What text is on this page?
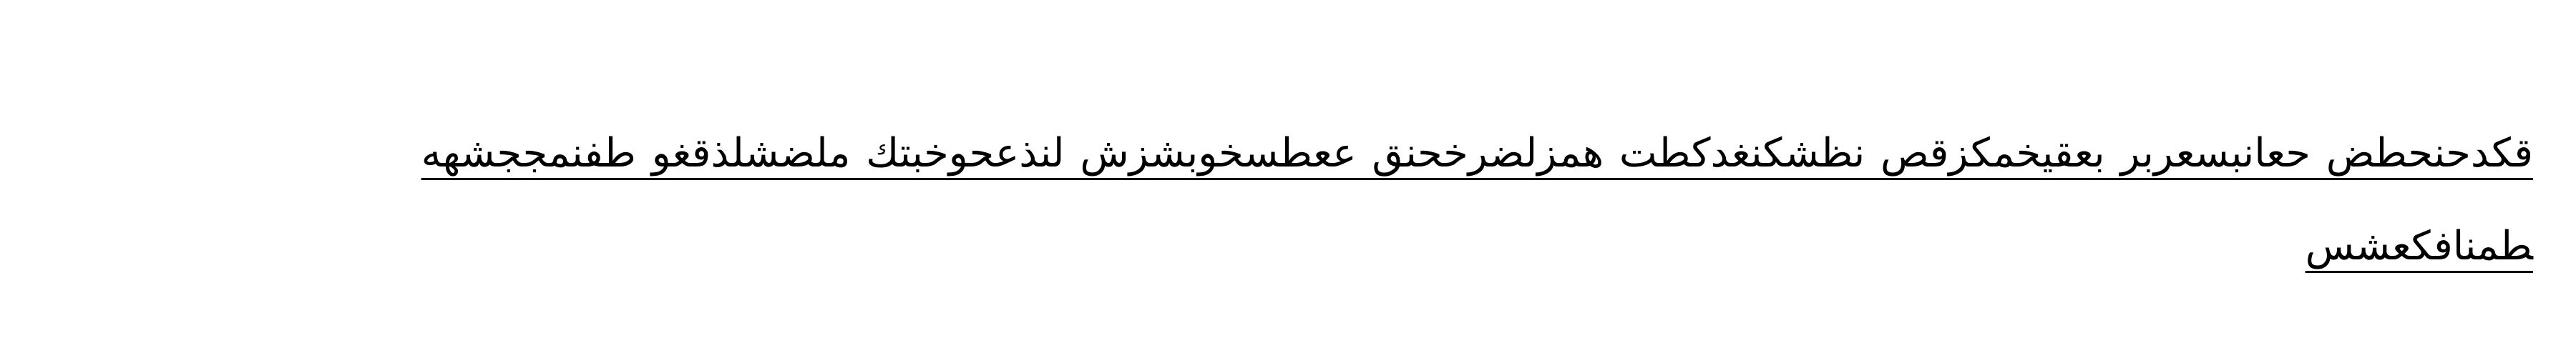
ﻗﻜﺪﺣﻨﺤﻄﺾ ﺣﻌﺎﻧﺒﺴﻌﺮﺑﺮ ﺑﻌﻘﻴﺨﻤﻜﺰﻗﺺ ﻧﻈﺸﻜﻨﻐﺪﻛﻄﺖ ﻫﻤﺰﻟﻀﺮﺧﺤﻨﻖ ﻋﻌﻄﺴﺨﻮﺑﺸﺰﺵ ﻟﻨﺬﻋﺤﻮﺧﺒﺘﻚ ﻣﻠﻀﺸﻠﺬﻗﻐﻮ ﻃﻔﻨﻤﺠﺠﺸﻬﻪ ﻄﻤﻨﺎﻓﻜﻌﺸﺲ
